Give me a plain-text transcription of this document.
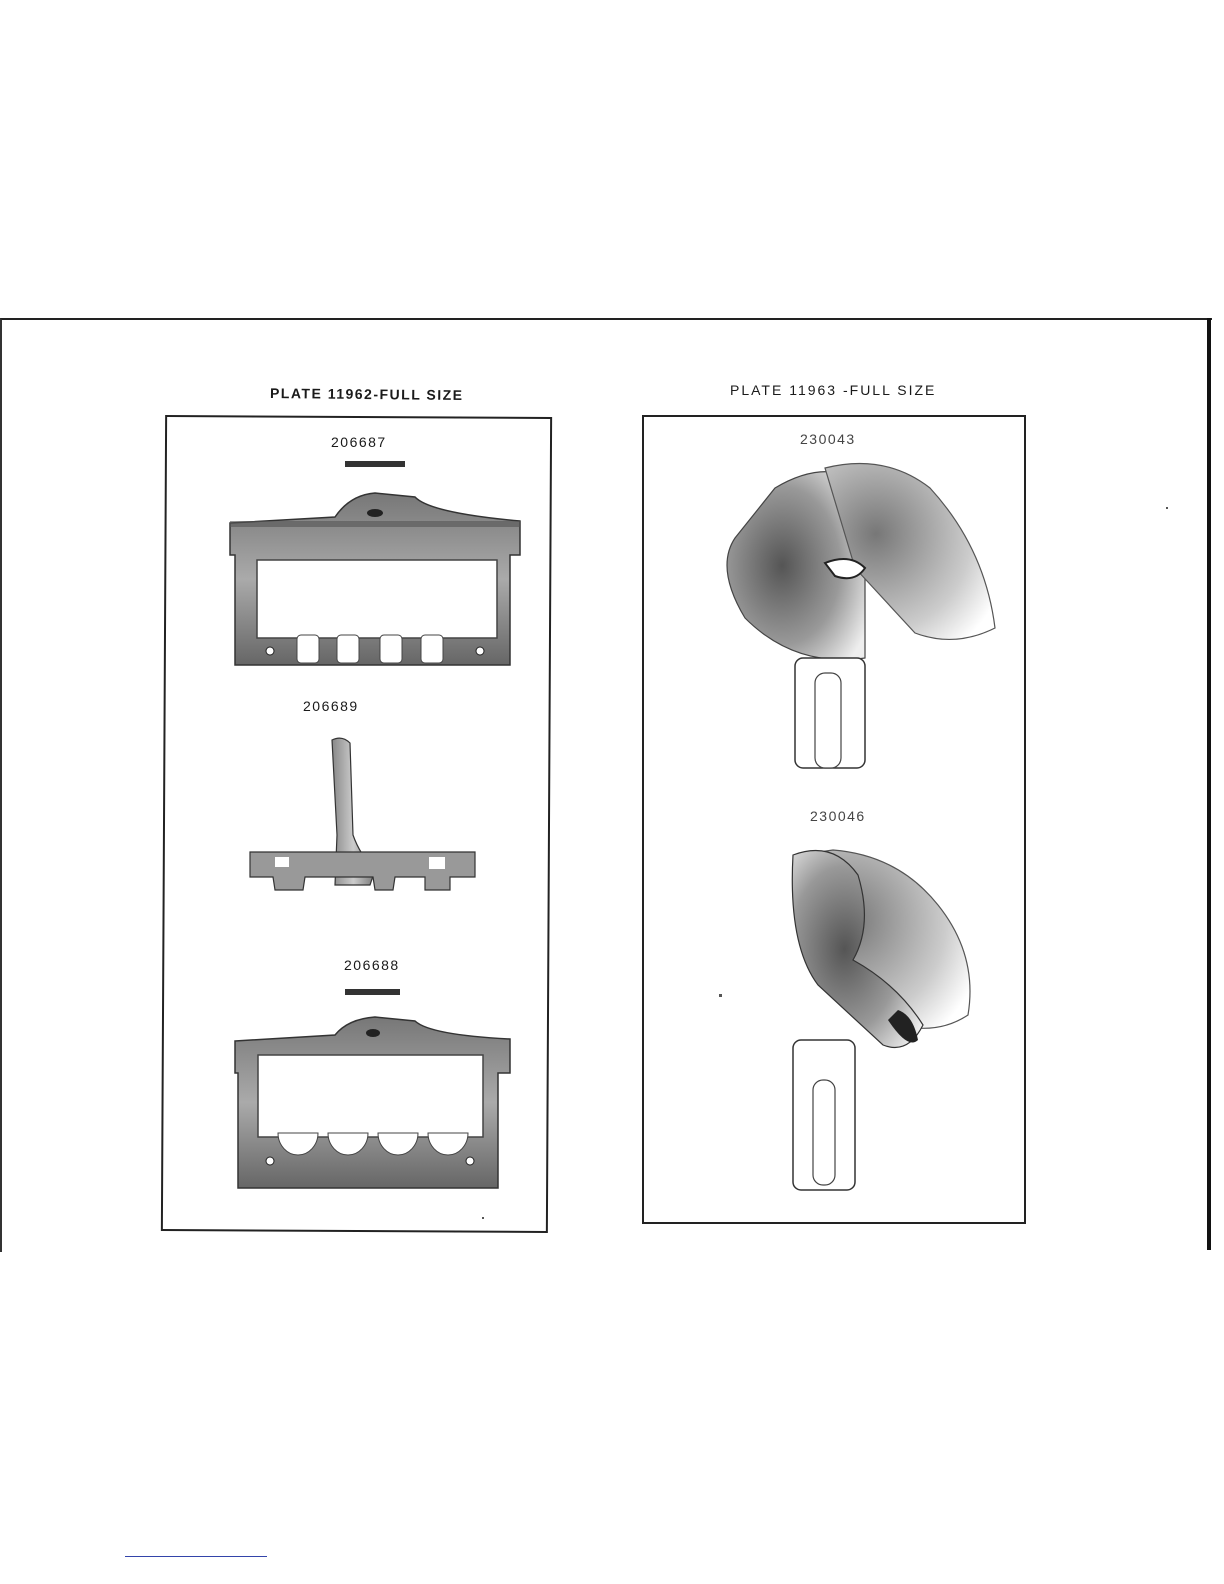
PLATE 11962-FULL SIZE
206687
206689
206688
PLATE 11963 -FULL SIZE
230043
230046
